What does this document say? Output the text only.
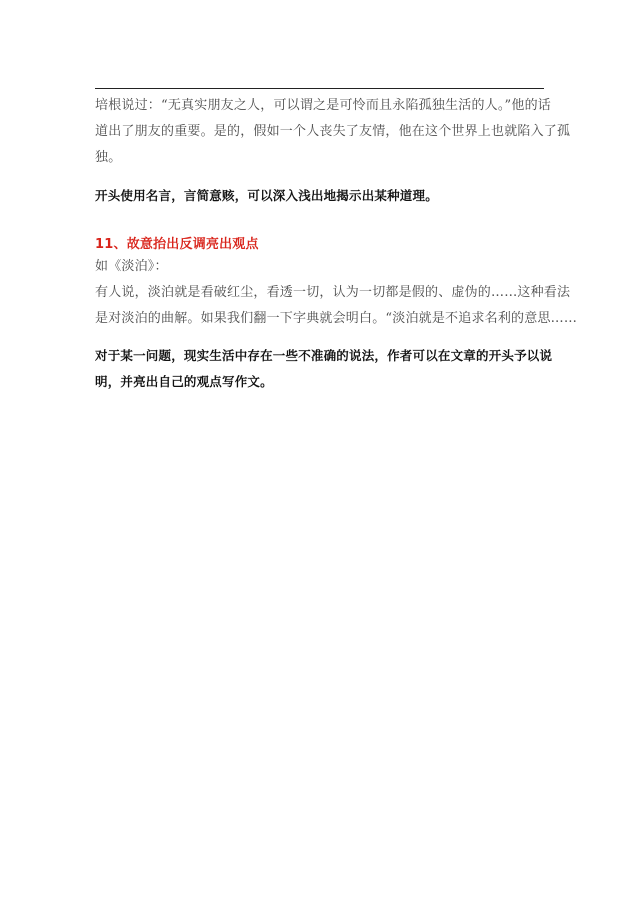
培根说过：“无真实朋友之人，可以谓之是可怜而且永陷孤独生活的人。”他的话
道出了朋友的重要。是的，假如一个人丧失了友情，他在这个世界上也就陷入了孤
独。
开头使用名言，言简意赅，可以深入浅出地揭示出某种道理。
11、故意抬出反调亮出观点
如《淡泊》：
有人说，淡泊就是看破红尘，看透一切，认为一切都是假的、虚伪的……这种看法
是对淡泊的曲解。如果我们翻一下字典就会明白。“淡泊就是不追求名利的意思……
对于某一问题，现实生活中存在一些不准确的说法，作者可以在文章的开头予以说
明，并亮出自己的观点写作文。
